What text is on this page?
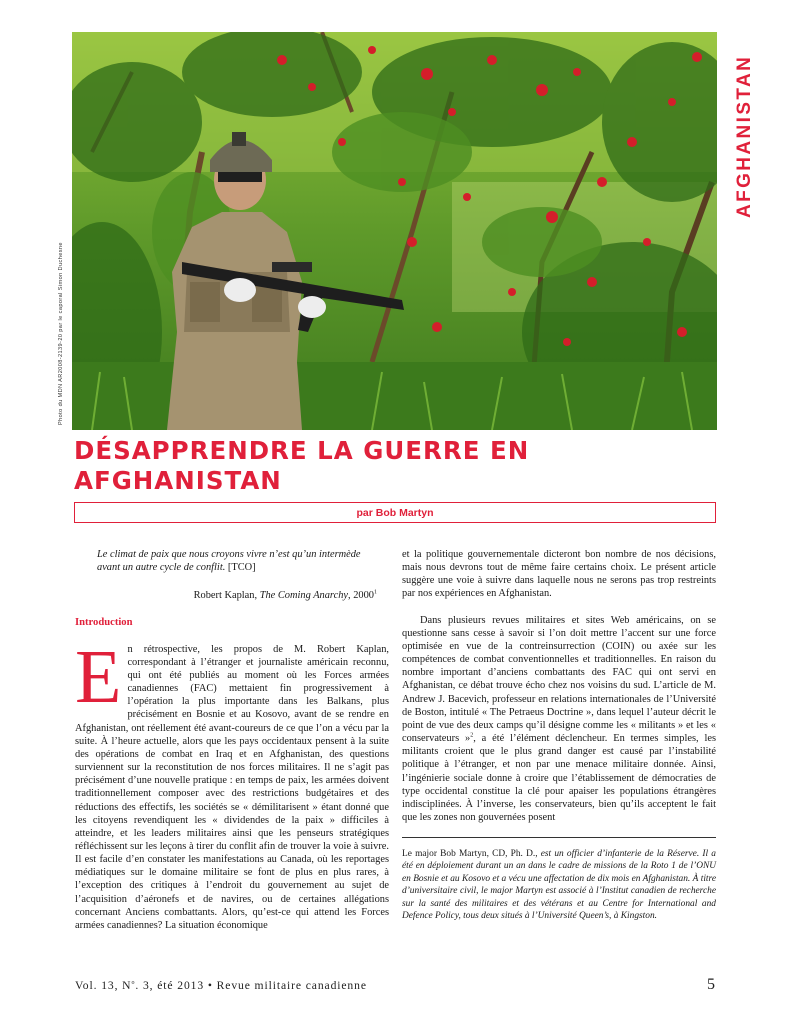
Photo du MDN AR2008-2139-20 par le caporal Simon Duchesne
AFGHANISTAN
DÉSAPPRENDRE LA GUERRE EN AFGHANISTAN
par Bob Martyn

Le climat de paix que nous croyons vivre n’est qu’un intermède avant un autre cycle de conflit. [TCO]

Robert Kaplan, The Coming Anarchy, 2000$^1$

Introduction

En rétrospective, les propos de M. Robert Kaplan, correspondant à l’étranger et journaliste américain reconnu, qui ont été publiés au moment où les Forces armées canadiennes (FAC) mettaient fin progressivement à l’opération la plus importante dans les Balkans, plus précisément en Bosnie et au Kosovo, avant de se rendre en Afghanistan, ont réellement été avant-coureurs de ce que l’on a vécu par la suite. À l’heure actuelle, alors que les pays occidentaux pensent à la suite des opérations de combat en Iraq et en Afghanistan, des questions surviennent sur la reconstitution de nos forces militaires. Il ne s’agit pas précisément d’une nouvelle pratique : en temps de paix, les armées doivent traditionnellement composer avec des restrictions budgétaires et des réductions des effectifs, les sociétés se « démilitarisent » étant donné que les citoyens revendiquent les « dividendes de la paix » difficiles à atteindre, et les leaders militaires ainsi que les penseurs stratégiques réfléchissent sur les leçons à tirer du conflit afin de trouver la voie à suivre. Il est facile d’en constater les manifestations au Canada, où les reportages médiatiques sur le domaine militaire se font de plus en plus rares, à l’exception des critiques à l’endroit du gouvernement au sujet de l’acquisition d’aéronefs et de navires, ou de certaines allégations concernant Anciens combattants. Alors, qu’est-ce qui attend les Forces armées canadiennes? La situation économique

et la politique gouvernementale dicteront bon nombre de nos décisions, mais nous devrons tout de même faire certains choix. Le présent article suggère une voie à suivre dans laquelle nous ne serons pas trop restreints par nos expériences en Afghanistan.

Dans plusieurs revues militaires et sites Web américains, on se questionne sans cesse à savoir si l’on doit mettre l’accent sur une force optimisée en vue de la contreinsurrection (COIN) ou axée sur les compétences de combat conventionnelles et traditionnelles. En raison du nombre important d’anciens combattants des FAC qui ont servi en Afghanistan, ce débat trouve écho chez nos voisins du sud. L’article de M. Andrew J. Bacevich, professeur en relations internationales de l’Université de Boston, intitulé « The Petraeus Doctrine », dans lequel l’auteur décrit le point de vue des deux camps qu’il désigne comme les « militants » et les « conservateurs »$^2$, a été l’élément déclencheur. En termes simples, les militants croient que le plus grand danger est causé par l’instabilité politique à l’étranger, et non par une menace militaire donnée. Ainsi, l’ingénierie sociale donne à croire que l’établissement de démocraties de type occidental constitue la clé pour apaiser les populations étrangères indisciplinées. À l’inverse, les conservateurs, bien qu’ils acceptent le fait que les zones non gouvernées posent

Le major Bob Martyn, CD, Ph. D., est un officier d’infanterie de la Réserve. Il a été en déploiement durant un an dans le cadre de missions de la Roto 1 de l’ONU en Bosnie et au Kosovo et a vécu une affectation de dix mois en Afghanistan. À titre d’universitaire civil, le major Martyn est associé à l’Institut canadien de recherche sur la santé des militaires et des vétérans et au Centre for International and Defence Policy, tous deux situés à l’Université Queen’s, à Kingston.

Vol. 13, $N^o$. 3, été 2013 • Revue militaire canadienne	5
